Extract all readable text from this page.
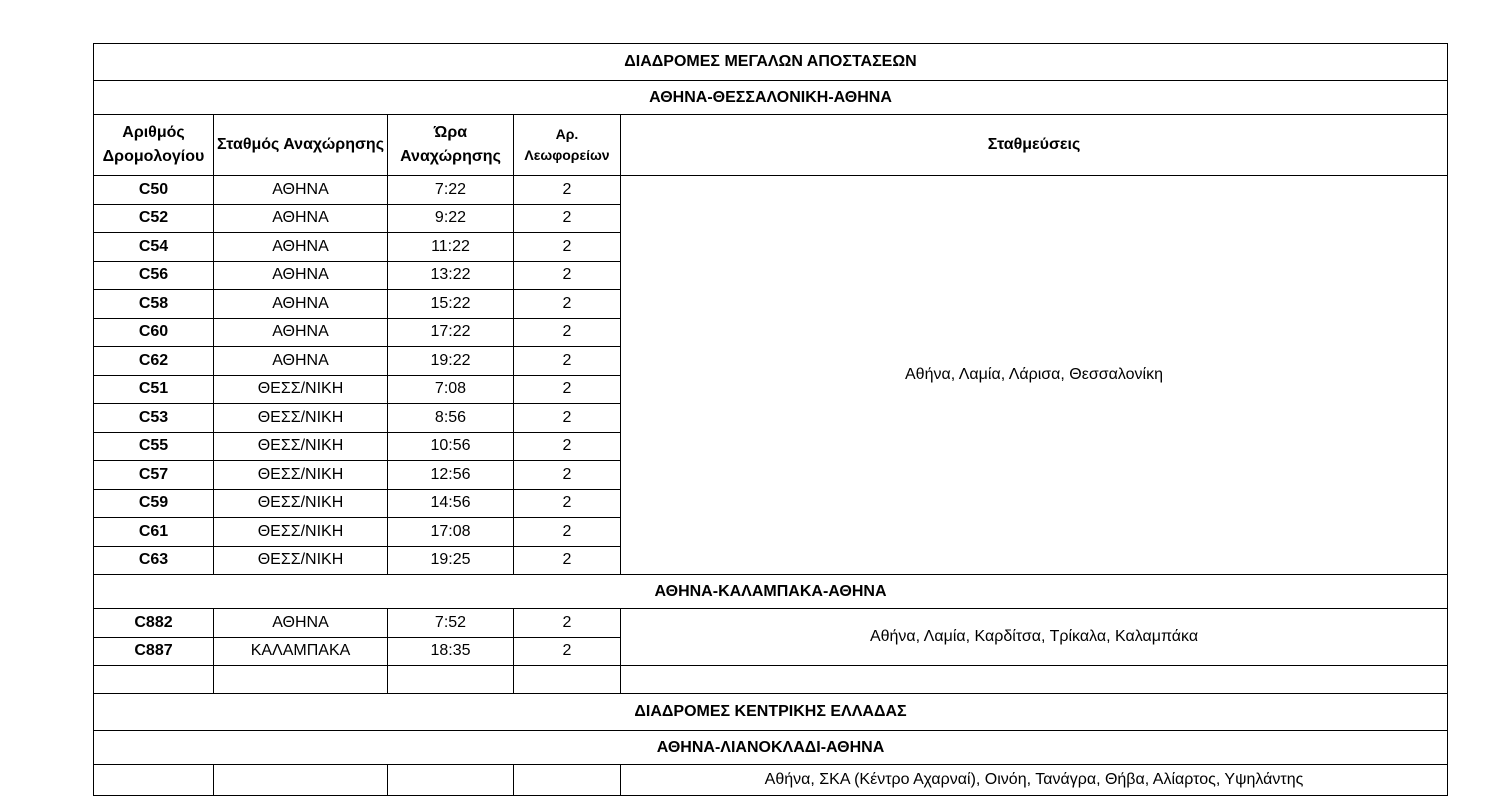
ΔΙΑΔΡΟΜΕΣ ΜΕΓΑΛΩΝ ΑΠΟΣΤΑΣΕΩΝ				
ΑΘΗΝΑ-ΘΕΣΣΑΛΟΝΙΚΗ-ΑΘΗΝΑ				
Αριθμός Δρομολογίου	Σταθμός Αναχώρησης	Ώρα Αναχώρησης	Αρ. Λεωφορείων	Σταθμεύσεις
C50	ΑΘΗΝΑ	7:22	2	Αθήνα, Λαμία, Λάρισα, Θεσσαλονίκη
C52	ΑΘΗΝΑ	9:22	2	
C54	ΑΘΗΝΑ	11:22	2	
C56	ΑΘΗΝΑ	13:22	2	
C58	ΑΘΗΝΑ	15:22	2	
C60	ΑΘΗΝΑ	17:22	2	
C62	ΑΘΗΝΑ	19:22	2	
C51	ΘΕΣΣ/ΝΙΚΗ	7:08	2	
C53	ΘΕΣΣ/ΝΙΚΗ	8:56	2	
C55	ΘΕΣΣ/ΝΙΚΗ	10:56	2	
C57	ΘΕΣΣ/ΝΙΚΗ	12:56	2	
C59	ΘΕΣΣ/ΝΙΚΗ	14:56	2	
C61	ΘΕΣΣ/ΝΙΚΗ	17:08	2	
C63	ΘΕΣΣ/ΝΙΚΗ	19:25	2	
ΑΘΗΝΑ-ΚΑΛΑΜΠΑΚΑ-ΑΘΗΝΑ				
C882	ΑΘΗΝΑ	7:52	2	Αθήνα, Λαμία, Καρδίτσα, Τρίκαλα, Καλαμπάκα
C887	ΚΑΛΑΜΠΑΚΑ	18:35	2	

ΔΙΑΔΡΟΜΕΣ ΚΕΝΤΡΙΚΗΣ ΕΛΛΑΔΑΣ				
ΑΘΗΝΑ-ΛΙΑΝΟΚΛΑΔΙ-ΑΘΗΝΑ				
				Αθήνα, ΣΚΑ (Κέντρο Αχαρναί), Οινόη, Τανάγρα, Θήβα, Αλίαρτος, Υψηλάντης
